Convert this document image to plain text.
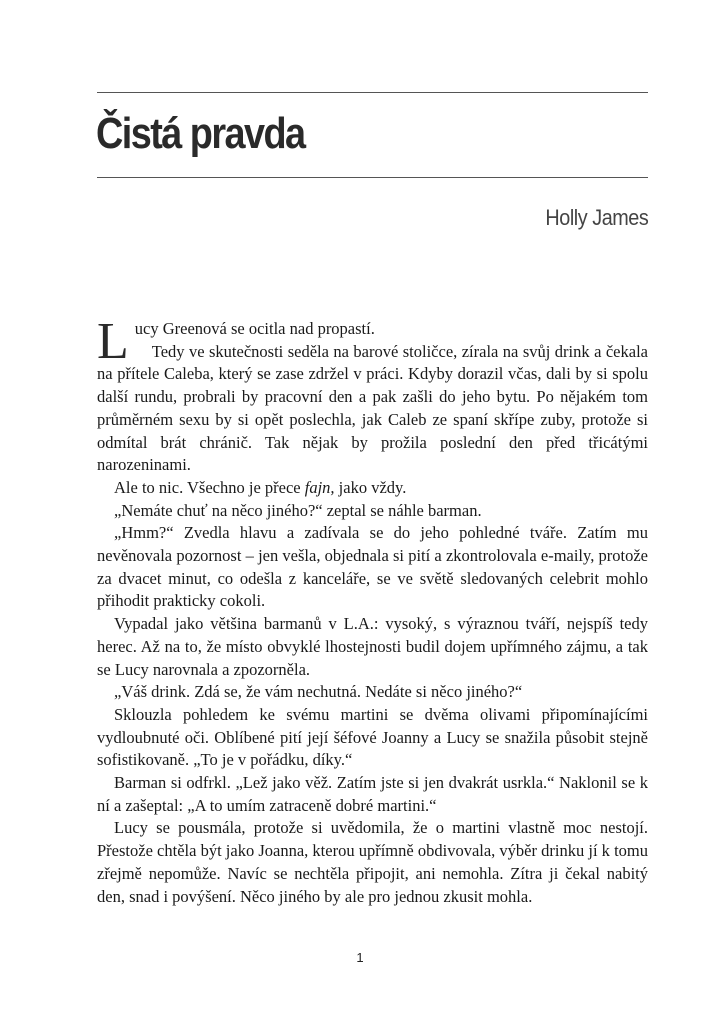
Čistá pravda
Holly James

Lucy Greenová se ocitla nad propastí.

Tedy ve skutečnosti seděla na barové stoličce, zírala na svůj drink a čekala na přítele Caleba, který se zase zdržel v práci. Kdyby dorazil včas, dali by si spolu další rundu, probrali by pracovní den a pak zašli do jeho bytu. Po nějakém tom průměrném sexu by si opět poslechla, jak Caleb ze spaní skřípe zuby, protože si odmítal brát chránič. Tak nějak by prožila poslední den před třicátými narozeninami.

Ale to nic. Všechno je přece fajn, jako vždy.

„Nemáte chuť na něco jiného?“ zeptal se náhle barman.

„Hmm?“ Zvedla hlavu a zadívala se do jeho pohledné tváře. Zatím mu nevěnovala pozornost – jen vešla, objednala si pití a zkontrolovala e-maily, protože za dvacet minut, co odešla z kanceláře, se ve světě sledovaných celebrit mohlo přihodit prakticky cokoli.

Vypadal jako většina barmanů v L.A.: vysoký, s výraznou tváří, nejspíš tedy herec. Až na to, že místo obvyklé lhostejnosti budil dojem upřímného zájmu, a tak se Lucy narovnala a zpozorněla.

„Váš drink. Zdá se, že vám nechutná. Nedáte si něco jiného?“

Sklouzla pohledem ke svému martini se dvěma olivami připomínajícími vydloubnuté oči. Oblíbené pití její šéfové Joanny a Lucy se snažila působit stejně sofistikovaně. „To je v pořádku, díky.“

Barman si odfrkl. „Lež jako věž. Zatím jste si jen dvakrát usrkla.“ Naklonil se k ní a zašeptal: „A to umím zatraceně dobré martini.“

Lucy se pousmála, protože si uvědomila, že o martini vlastně moc nestojí. Přestože chtěla být jako Joanna, kterou upřímně obdivovala, výběr drinku jí k tomu zřejmě nepomůže. Navíc se nechtěla připojit, ani nemohla. Zítra ji čekal nabitý den, snad i povýšení. Něco jiného by ale pro jednou zkusit mohla.

1
